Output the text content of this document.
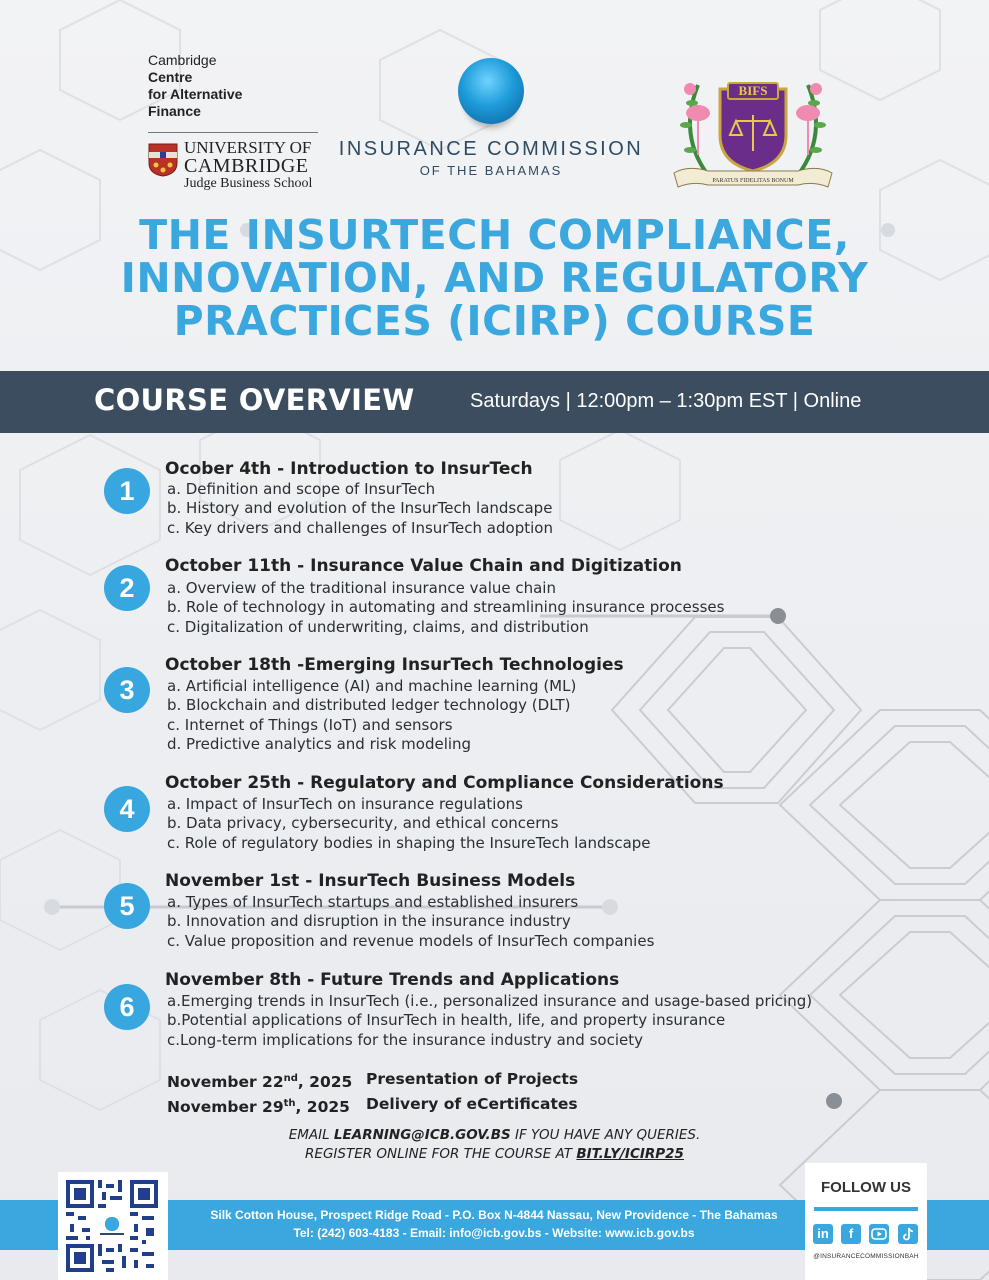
Cambridge
Centre
for Alternative
Finance
UNIVERSITY OF
CAMBRIDGE
Judge Business School
INSURANCE COMMISSION
OF THE BAHAMAS
BIFS
PARATUS FIDELITAS BONUM
THE INSURTECH COMPLIANCE,
INNOVATION, AND REGULATORY
PRACTICES (ICIRP) COURSE
COURSE OVERVIEW	Saturdays | 12:00pm – 1:30pm EST | Online
1
Ocober 4th - Introduction to InsurTech
a. Definition and scope of InsurTech
b. History and evolution of the InsurTech landscape
c. Key drivers and challenges of InsurTech adoption
2
October 11th - Insurance Value Chain and Digitization
a. Overview of the traditional insurance value chain
b. Role of technology in automating and streamlining insurance processes
c. Digitalization of underwriting, claims, and distribution
3
October 18th -Emerging InsurTech Technologies
a. Artificial intelligence (AI) and machine learning (ML)
b. Blockchain and distributed ledger technology (DLT)
c. Internet of Things (IoT) and sensors
d. Predictive analytics and risk modeling
4
October 25th - Regulatory and Compliance Considerations
a. Impact of InsurTech on insurance regulations
b. Data privacy, cybersecurity, and ethical concerns
c. Role of regulatory bodies in shaping the InsureTech landscape
5
November 1st - InsurTech Business Models
a. Types of InsurTech startups and established insurers
b. Innovation and disruption in the insurance industry
c. Value proposition and revenue models of InsurTech companies
6
November 8th - Future Trends and Applications
a.Emerging trends in InsurTech (i.e., personalized insurance and usage-based pricing)
b.Potential applications of InsurTech in health, life, and property insurance
c.Long-term implications for the insurance industry and society
November 22nd, 2025 Presentation of Projects
November 29th, 2025	Delivery of eCertificates
EMAIL LEARNING@ICB.GOV.BS IF YOU HAVE ANY QUERIES.
REGISTER ONLINE FOR THE COURSE AT BIT.LY/ICIRP25
Silk Cotton House, Prospect Ridge Road - P.O. Box N-4844 Nassau, New Providence - The Bahamas
Tel: (242) 603-4183 - Email: info@icb.gov.bs - Website: www.icb.gov.bs
FOLLOW US
in	f
@INSURANCECOMMISSIONBAH
